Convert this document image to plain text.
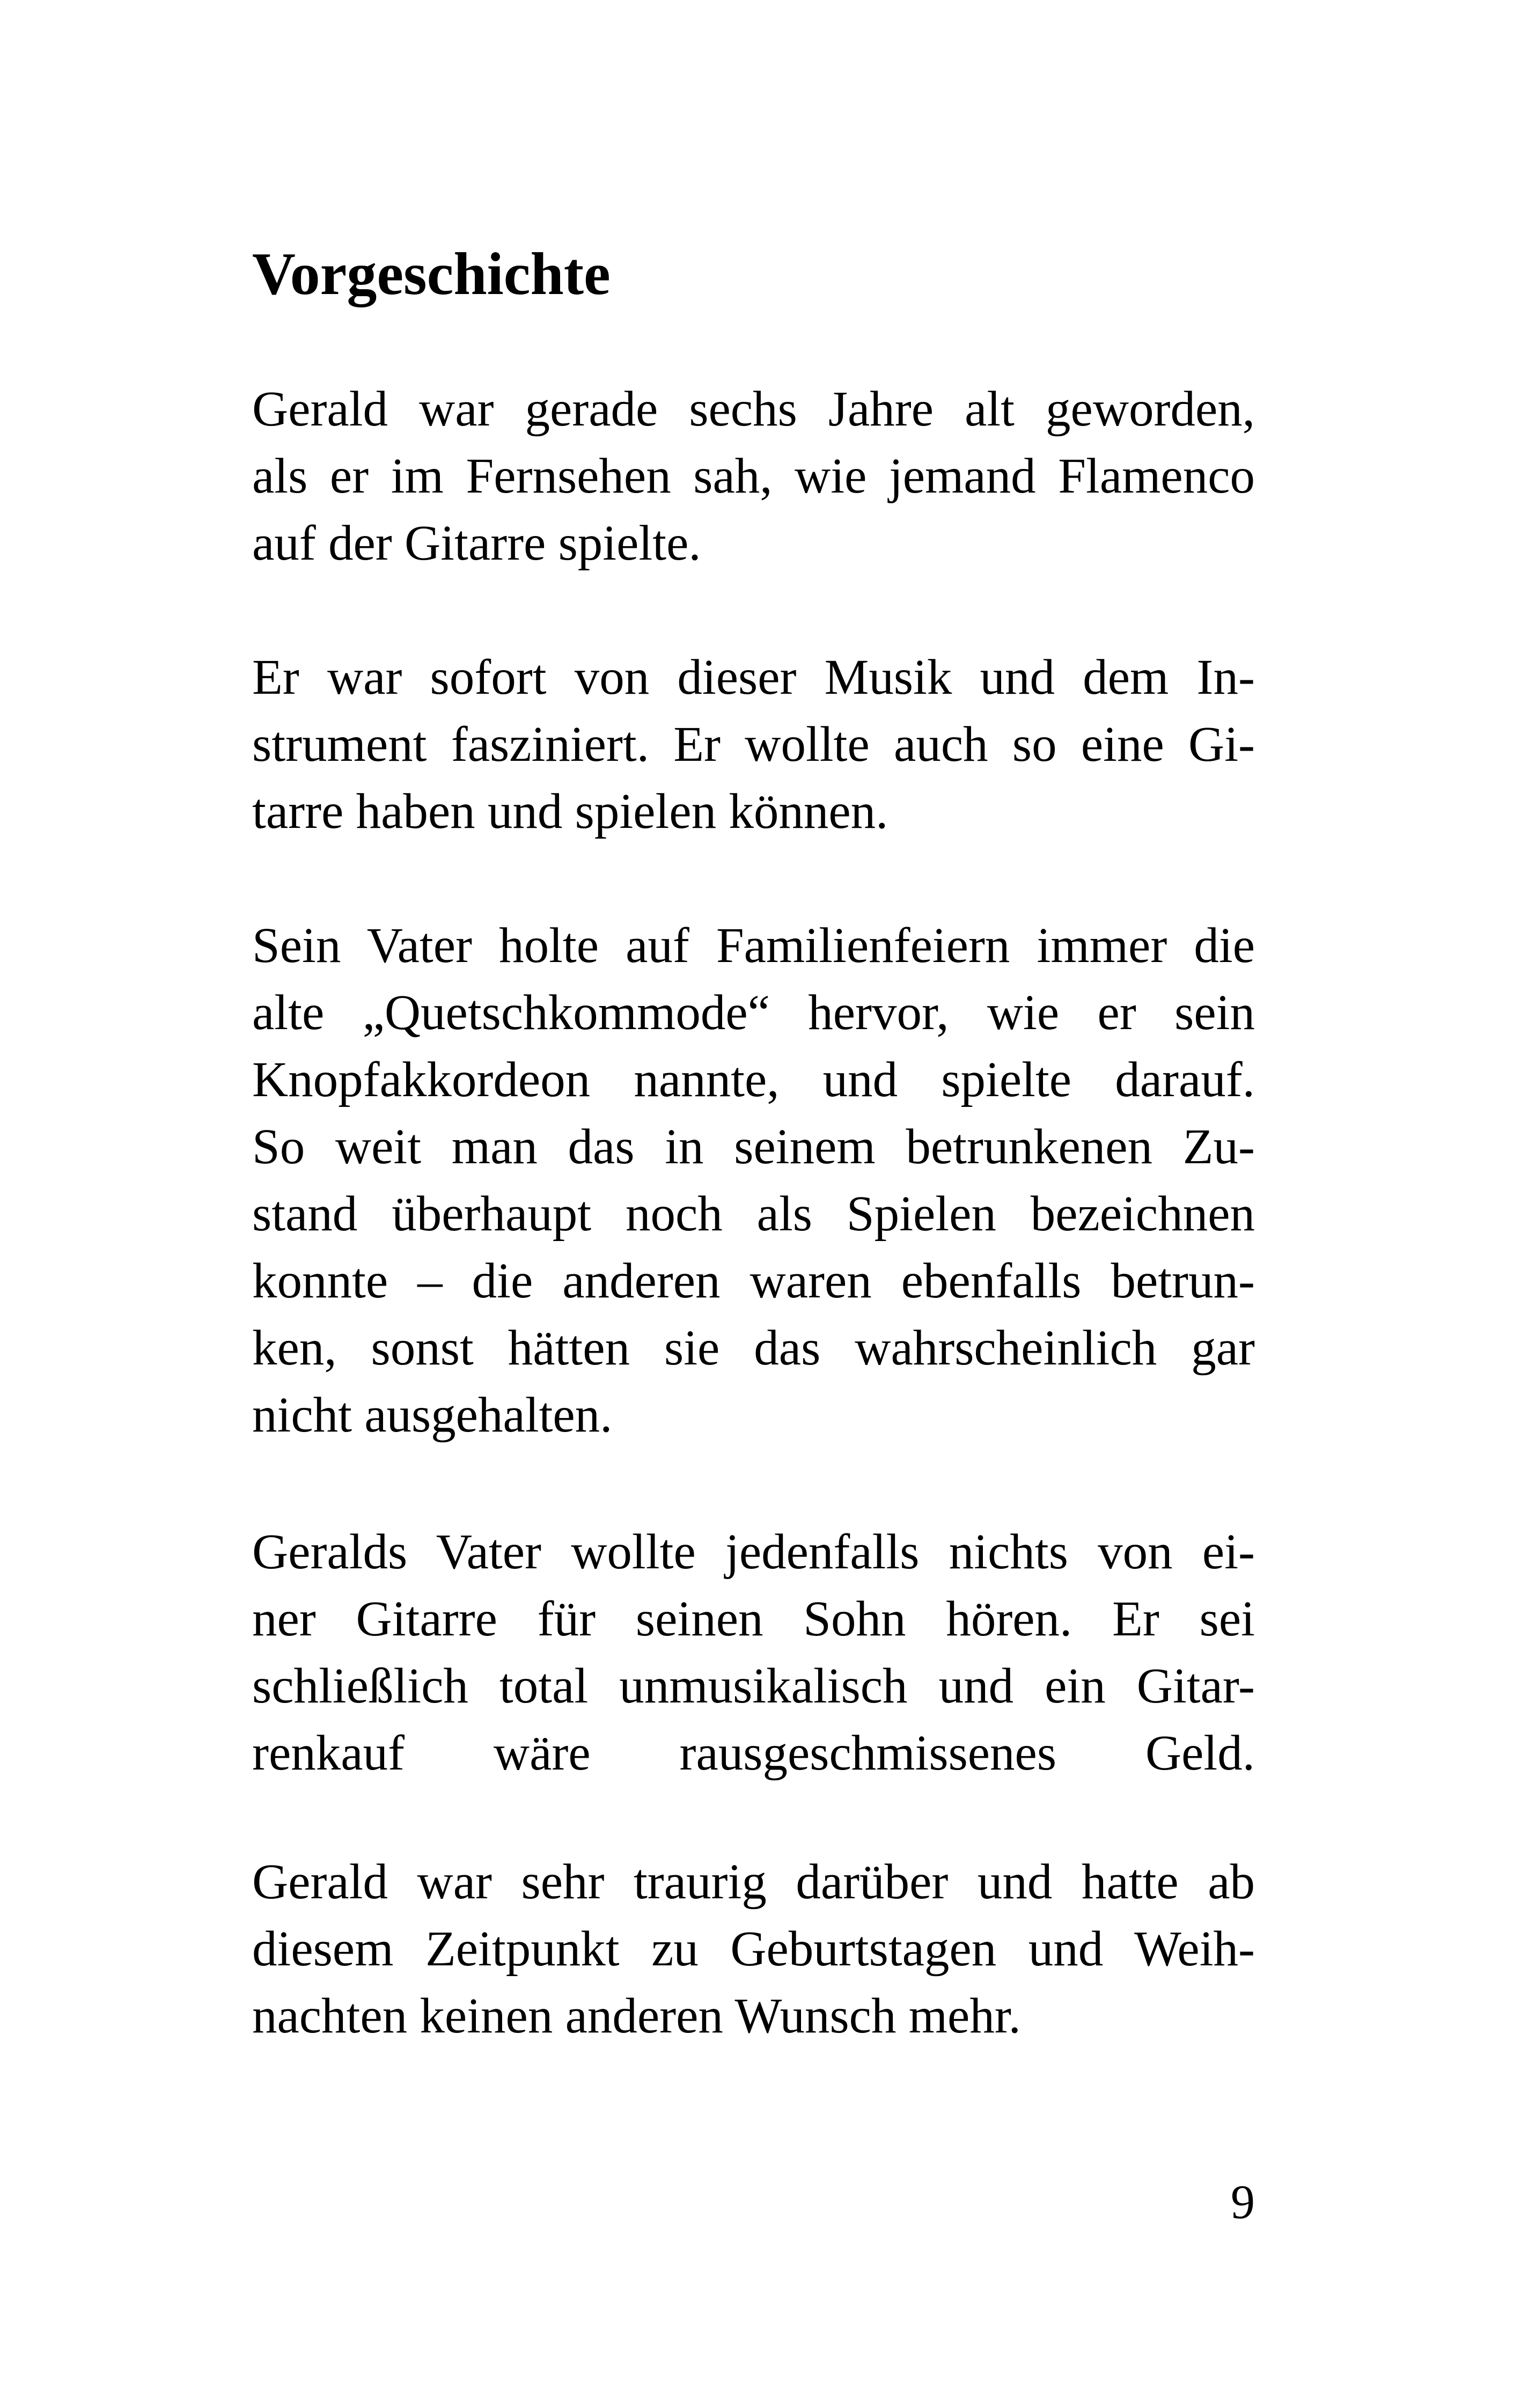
Vorgeschichte

Gerald war gerade sechs Jahre alt geworden,
als er im Fernsehen sah, wie jemand Flamenco
auf der Gitarre spielte.

Er war sofort von dieser Musik und dem In-
strument fasziniert. Er wollte auch so eine Gi-
tarre haben und spielen können.

Sein Vater holte auf Familienfeiern immer die
alte „Quetschkommode“ hervor, wie er sein
Knopfakkordeon nannte, und spielte darauf.
So weit man das in seinem betrunkenen Zu-
stand überhaupt noch als Spielen bezeichnen
konnte – die anderen waren ebenfalls betrun-
ken, sonst hätten sie das wahrscheinlich gar
nicht ausgehalten.

Geralds Vater wollte jedenfalls nichts von ei-
ner Gitarre für seinen Sohn hören. Er sei
schließlich total unmusikalisch und ein Gitar-
renkauf wäre rausgeschmissenes Geld.

Gerald war sehr traurig darüber und hatte ab
diesem Zeitpunkt zu Geburtstagen und Weih-
nachten keinen anderen Wunsch mehr.

9
